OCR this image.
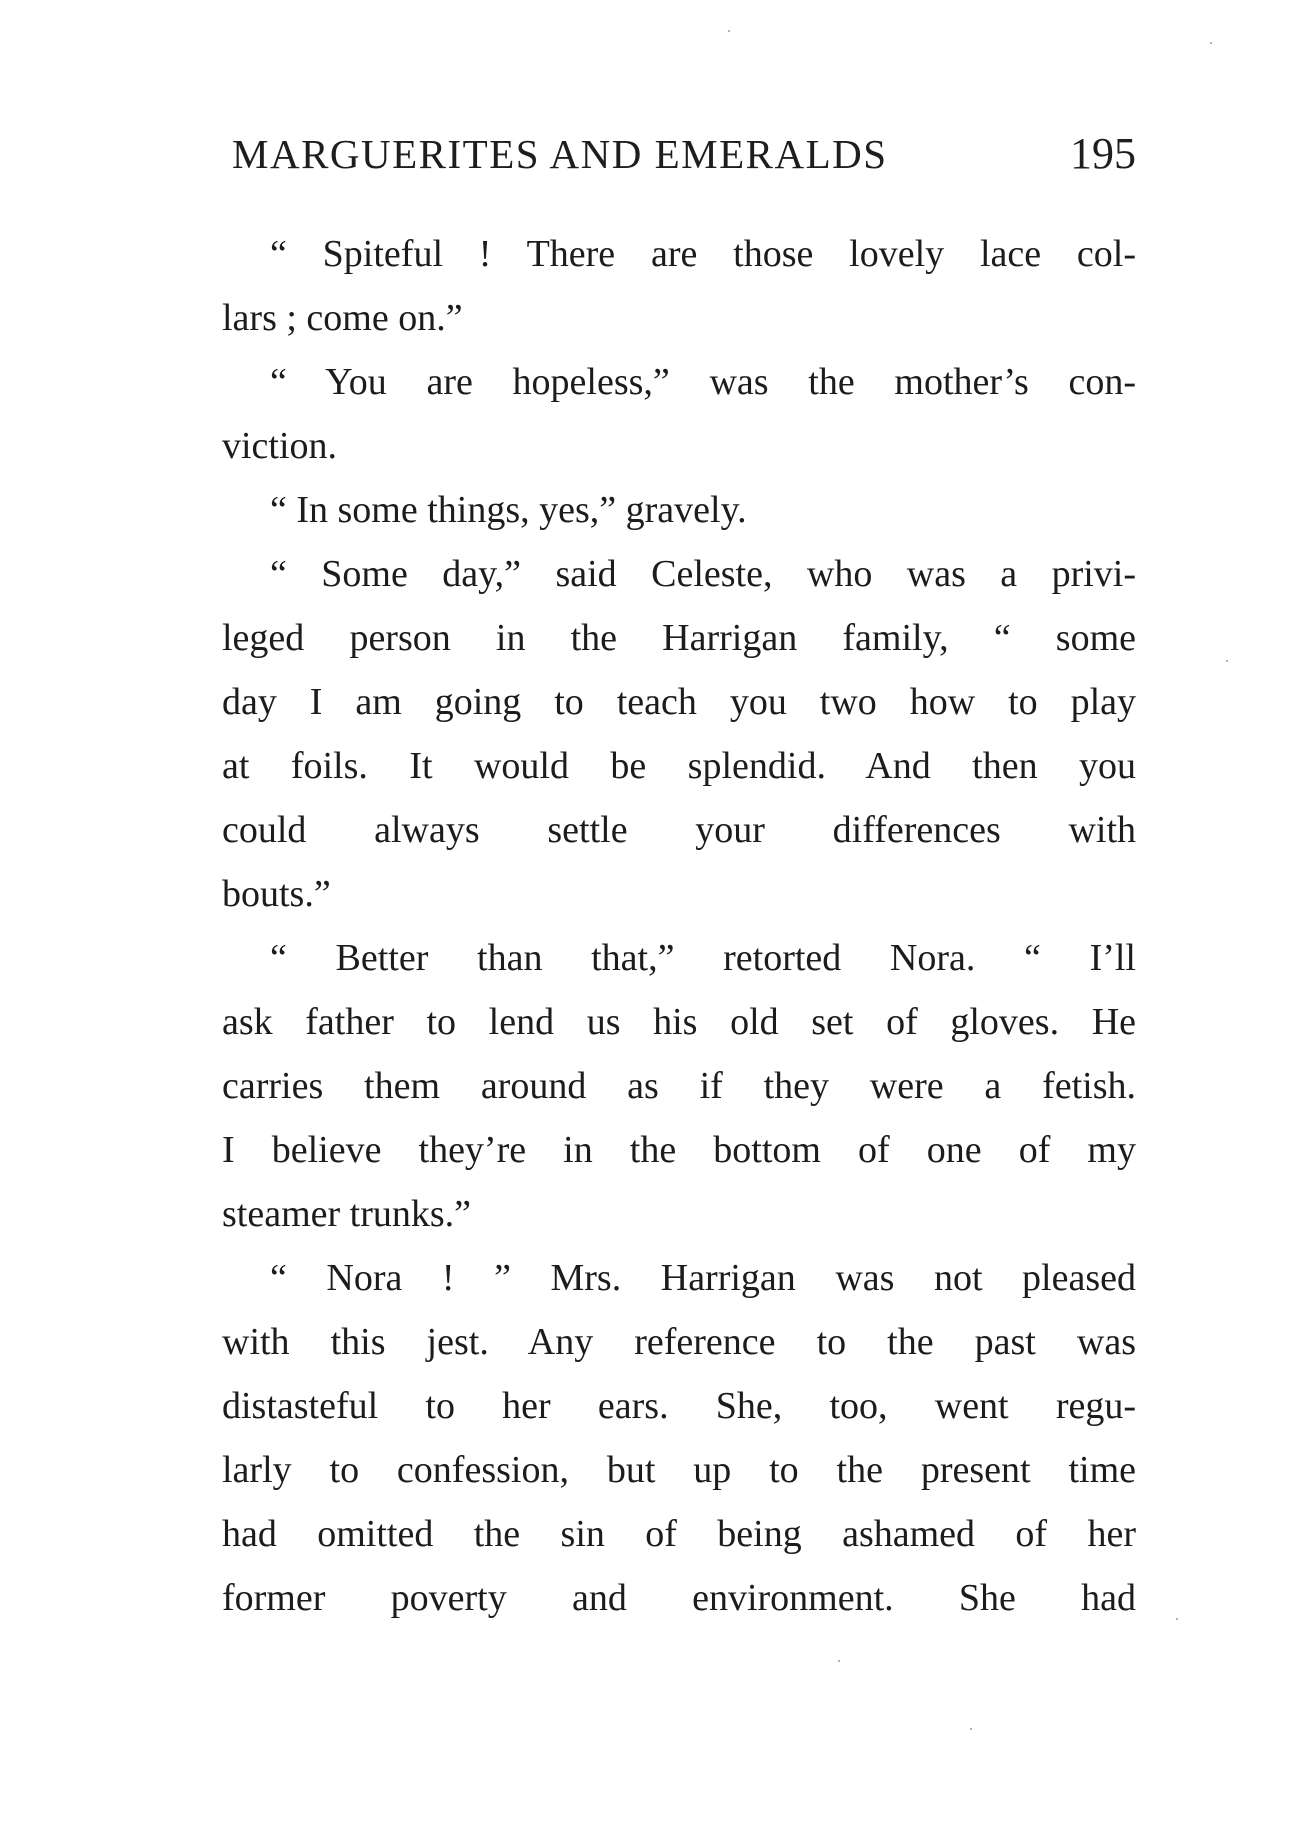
MARGUERITES AND EMERALDS	195
“ Spiteful ! There are those lovely lace col-
lars ; come on.”
“ You are hopeless,” was the mother’s con-
viction.
“ In some things, yes,” gravely.
“ Some day,” said Celeste, who was a privi-
leged person in the Harrigan family, “ some
day I am going to teach you two how to play
at foils. It would be splendid. And then you
could always settle your differences with
bouts.”
“ Better than that,” retorted Nora. “ I’ll
ask father to lend us his old set of gloves. He
carries them around as if they were a fetish.
I believe they’re in the bottom of one of my
steamer trunks.”
“ Nora ! ” Mrs. Harrigan was not pleased
with this jest. Any reference to the past was
distasteful to her ears. She, too, went regu-
larly to confession, but up to the present time
had omitted the sin of being ashamed of her
former poverty and environment. She had
